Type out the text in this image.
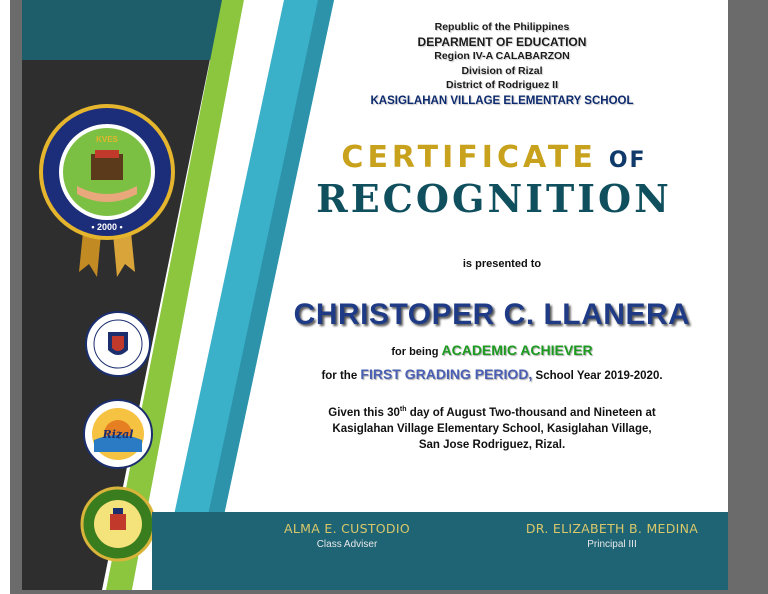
KVES
• 2000 •
Rizal
Republic of the Philippines
DEPARMENT OF EDUCATION
Region IV-A CALABARZON
Division of Rizal
District of Rodriguez II
KASIGLAHAN VILLAGE ELEMENTARY SCHOOL
CERTIFICATE OF
RECOGNITION
is presented to
CHRISTOPER C. LLANERA
for being ACADEMIC ACHIEVER
for the FIRST GRADING PERIOD, School Year 2019-2020.

Given this 30th day of August Two-thousand and Nineteen at

Kasiglahan Village Elementary School, Kasiglahan Village,

San Jose Rodriguez, Rizal.

ALMA E. CUSTODIO
Class Adviser
DR. ELIZABETH B. MEDINA
Principal III
